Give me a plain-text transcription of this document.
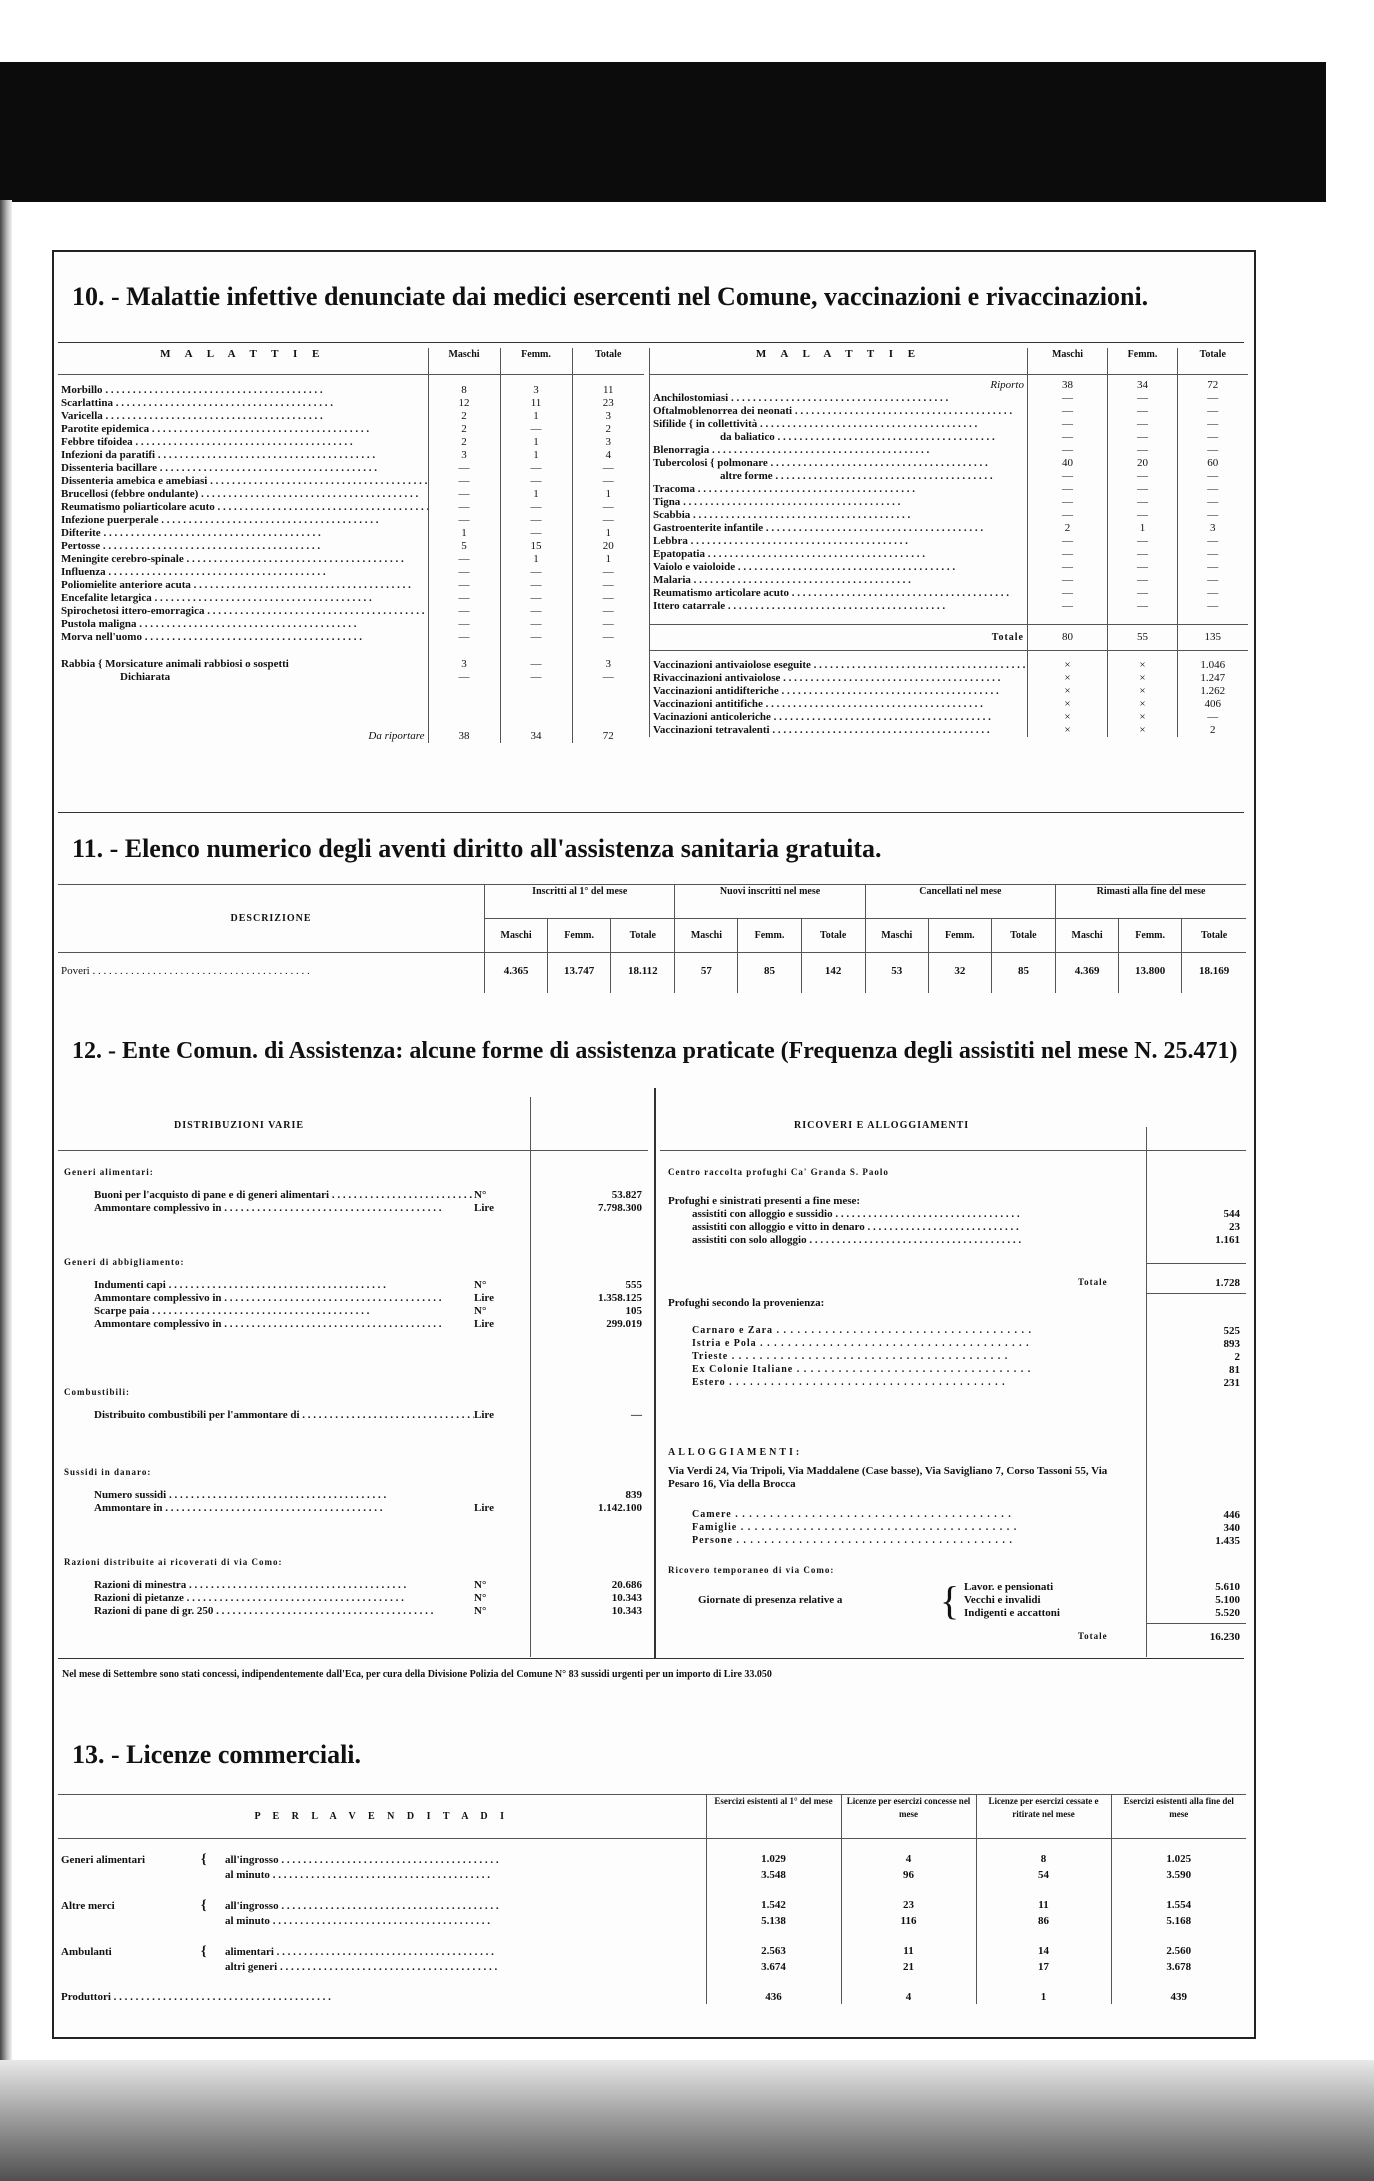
10. - Malattie infettive denunciate dai medici esercenti nel Comune, vaccinazioni e rivaccinazioni.
M A L A T T I E	Maschi	Femm.	Totale

Morbillo . . .	8	3	11
Scarlattina . . .	12	11	23
Varicella . . .	2	1	3
Parotite epidemica . . .	2	—	2
Febbre tifoidea . . .	2	1	3
Infezioni da paratifi . . .	3	1	4
Dissenteria bacillare . . .	—	—	—
Dissenteria amebica e amebiasi . . .	—	—	—
Brucellosi (febbre ondulante) . . .	—	1	1
Reumatismo poliarticolare acuto . . .	—	—	—
Infezione puerperale . . .	—	—	—
Difterite . . .	1	—	1
Pertosse . . .	5	15	20
Meningite cerebro-spinale . . .	—	1	1
Influenza . . .	—	—	—
Poliomielite anteriore acuta . . .	—	—	—
Encefalite letargica . . .	—	—	—
Spirochetosi ittero-emorragica . . .	—	—	—
Pustola maligna . . .	—	—	—
Morva nell'uomo . . .	—	—	—

Rabbia { Morsicature animali rabbiosi o sospetti	3	—	3
Dichiarata	—	—	—

Da riportare	38	34	72
M A L A T T I E	Maschi	Femm.	Totale
Riporto	38	34	72
Anchilostomiasi . . .	—	—	—
Oftalmoblenorrea dei neonati . . .	—	—	—
Sifilide { in collettività . . .	—	—	—
da baliatico . . .	—	—	—
Blenorragia . . .	—	—	—
Tubercolosi { polmonare . . .	40	20	60
altre forme . . .	—	—	—
Tracoma . . .	—	—	—
Tigna . . .	—	—	—
Scabbia . . .	—	—	—
Gastroenterite infantile . . .	2	1	3
Lebbra . . .	—	—	—
Epatopatia . . .	—	—	—
Vaiolo e vaioloide . . .	—	—	—
Malaria . . .	—	—	—
Reumatismo articolare acuto . . .	—	—	—
Ittero catarrale . . .	—	—	—

Totale	80	55	135

Vaccinazioni antivaiolose eseguite . . .	×	×	1.046
Rivaccinazioni antivaiolose . . .	×	×	1.247
Vaccinazioni antidifteriche . . .	×	×	1.262
Vaccinazioni antitifiche . . .	×	×	406
Vacinazioni anticoleriche . . .	×	×	—
Vaccinazioni tetravalenti . . .	×	×	2
11. - Elenco numerico degli aventi diritto all'assistenza sanitaria gratuita.
DESCRIZIONE	Inscritti al 1° del mese			Nuovi inscritti nel mese			Cancellati nel mese			Rimasti alla fine del mese		
	Maschi	Femm.	Totale	Maschi	Femm.	Totale	Maschi	Femm.	Totale	Maschi	Femm.	Totale
Poveri . . .	4.365	13.747	18.112	57	85	142	53	32	85	4.369	13.800	18.169
12. - Ente Comun. di Assistenza: alcune forme di assistenza praticate (Frequenza degli assistiti nel mese N. 25.471)
DISTRIBUZIONI VARIE	RICOVERI E ALLOGGIAMENTI
Generi alimentari:
Buoni per l'acquisto di pane e di generi alimentari . . .	N°	53.827
Ammontare complessivo in . . .	Lire	7.798.300
Generi di abbigliamento:
Indumenti capi . . .	N°	555
Ammontare complessivo in . . .	Lire	1.358.125
Scarpe paia . . .	N°	105
Ammontare complessivo in . . .	Lire	299.019
Combustibili:
Distribuito combustibili per l'ammontare di . . .	Lire	—
Sussidi in danaro:
Numero sussidi . . .	839
Ammontare in . . .	Lire	1.142.100
Razioni distribuite ai ricoverati di via Como:
Razioni di minestra . . .	N°	20.686
Razioni di pietanze . . .	N°	10.343
Razioni di pane di gr. 250 . . .	N°	10.343
Centro raccolta profughi Ca' Granda S. Paolo
Profughi e sinistrati presenti a fine mese:
assistiti con alloggio e sussidio . . .	544
assistiti con alloggio e vitto in denaro . . .	23
assistiti con solo alloggio . . .	1.161
Totale	1.728
Profughi secondo la provenienza:
Carnaro e Zara . . .	525
Istria e Pola . . .	893
Trieste . . .	2
Ex Colonie Italiane . . .	81
Estero . . .	231
ALLOGGIAMENTI:
Via Verdi 24, Via Tripoli, Via Maddalene (Case basse), Via Savigliano 7, Corso Tassoni 55, Via Pesaro 16, Via della Brocca
Camere . . .	446
Famiglie . . .	340
Persone . . .	1.435
Ricovero temporaneo di via Como:
Giornate di presenza relative a { Lavor. e pensionati	5.610
Vecchi e invalidi	5.100
Indigenti e accattoni	5.520
Totale	16.230
Nel mese di Settembre sono stati concessi, indipendentemente dall'Eca, per cura della Divisione Polizia del Comune N° 83 sussidi urgenti per un importo di Lire 33.050
13. - Licenze commerciali.
P E R L A V E N D I T A D I	Esercizi esistenti al 1° del mese	Licenze per esercizi concesse nel mese	Licenze per esercizi cessate e ritirate nel mese	Esercizi esistenti alla fine del mese

Generi alimentari { all'ingrosso . . .	1.029	4	8	1.025
al minuto . . .	3.548	96	54	3.590

Altre merci { all'ingrosso . . .	1.542	23	11	1.554
al minuto . . .	5.138	116	86	5.168

Ambulanti { alimentari . . .	2.563	11	14	2.560
altri generi . . .	3.674	21	17	3.678

Produttori . . .	436	4	1	439
